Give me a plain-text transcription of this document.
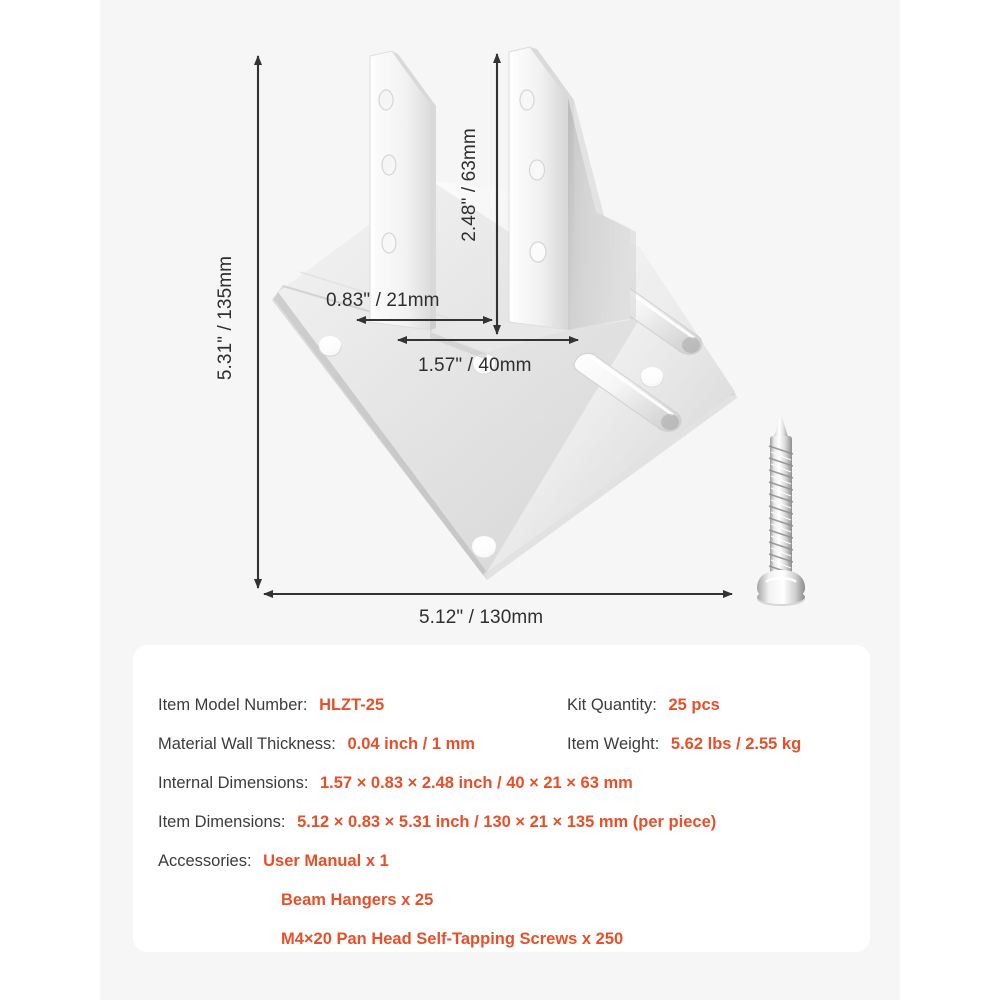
5.31" / 135mm
2.48" / 63mm
0.83" / 21mm
1.57" / 40mm
5.12" / 130mm
Item Model Number: HLZT-25	Kit Quantity: 25 pcs
Material Wall Thickness: 0.04 inch / 1 mm	Item Weight: 5.62 lbs / 2.55 kg
Internal Dimensions: 1.57 × 0.83 × 2.48 inch / 40 × 21 × 63 mm
Item Dimensions: 5.12 × 0.83 × 5.31 inch / 130 × 21 × 135 mm (per piece)
Accessories: User Manual x 1
Beam Hangers x 25
M4×20 Pan Head Self-Tapping Screws x 250
